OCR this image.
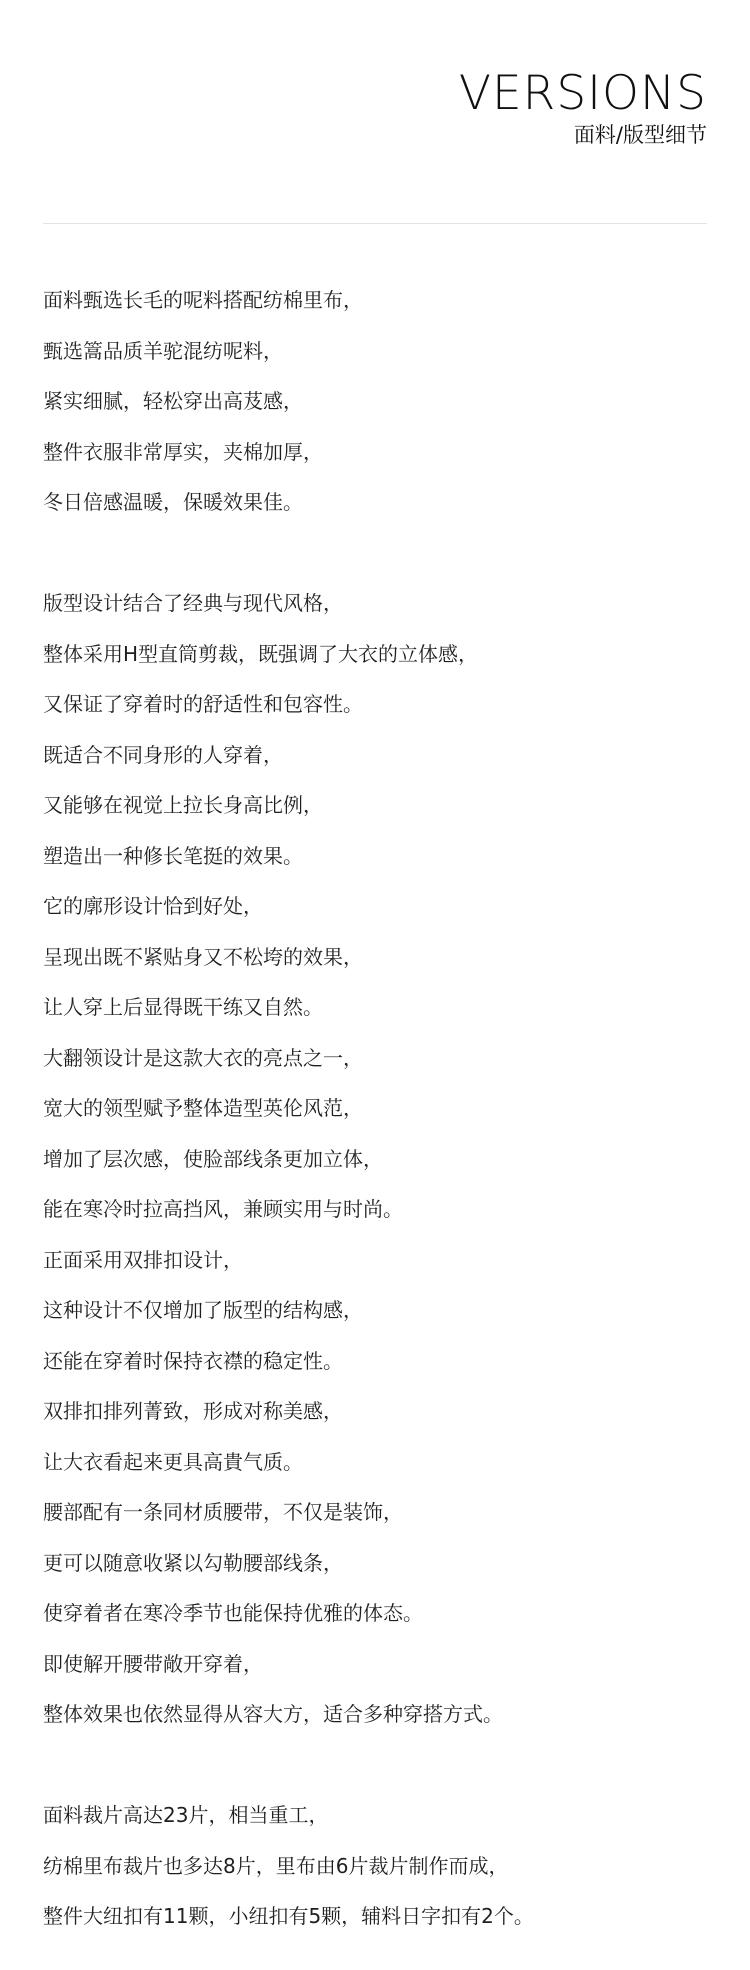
VERSIONS
面料/版型细节
面料甄选长毛的呢料搭配纺棉里布，
甄选篙品质羊驼混纺呢料，
紧实细腻，轻松穿出高芨感，
整件衣服非常厚实，夹棉加厚，
冬日倍感温暖，保暖效果佳。
版型设计结合了经典与现代风格，
整体采用H型直筒剪裁，既强调了大衣的立体感，
又保证了穿着时的舒适性和包容性。
既适合不同身形的人穿着，
又能够在视觉上拉长身高比例，
塑造出一种修长笔挺的效果。
它的廓形设计恰到好处，
呈现出既不紧贴身又不松垮的效果，
让人穿上后显得既干练又自然。
大翻领设计是这款大衣的亮点之一，
宽大的领型赋予整体造型英伦风范，
增加了层次感，使脸部线条更加立体，
能在寒冷时拉高挡风，兼顾实用与时尚。
正面采用双排扣设计，
这种设计不仅增加了版型的结构感，
还能在穿着时保持衣襟的稳定性。
双排扣排列菁致，形成对称美感，
让大衣看起来更具高貴气质。
腰部配有一条同材质腰带，不仅是装饰，
更可以随意收紧以勾勒腰部线条，
使穿着者在寒冷季节也能保持优雅的体态。
即使解开腰带敞开穿着，
整体效果也依然显得从容大方，适合多种穿搭方式。
面料裁片高达23片，相当重工，
纺棉里布裁片也多达8片，里布由6片裁片制作而成，
整件大纽扣有11颗，小纽扣有5颗，辅料日字扣有2个。
